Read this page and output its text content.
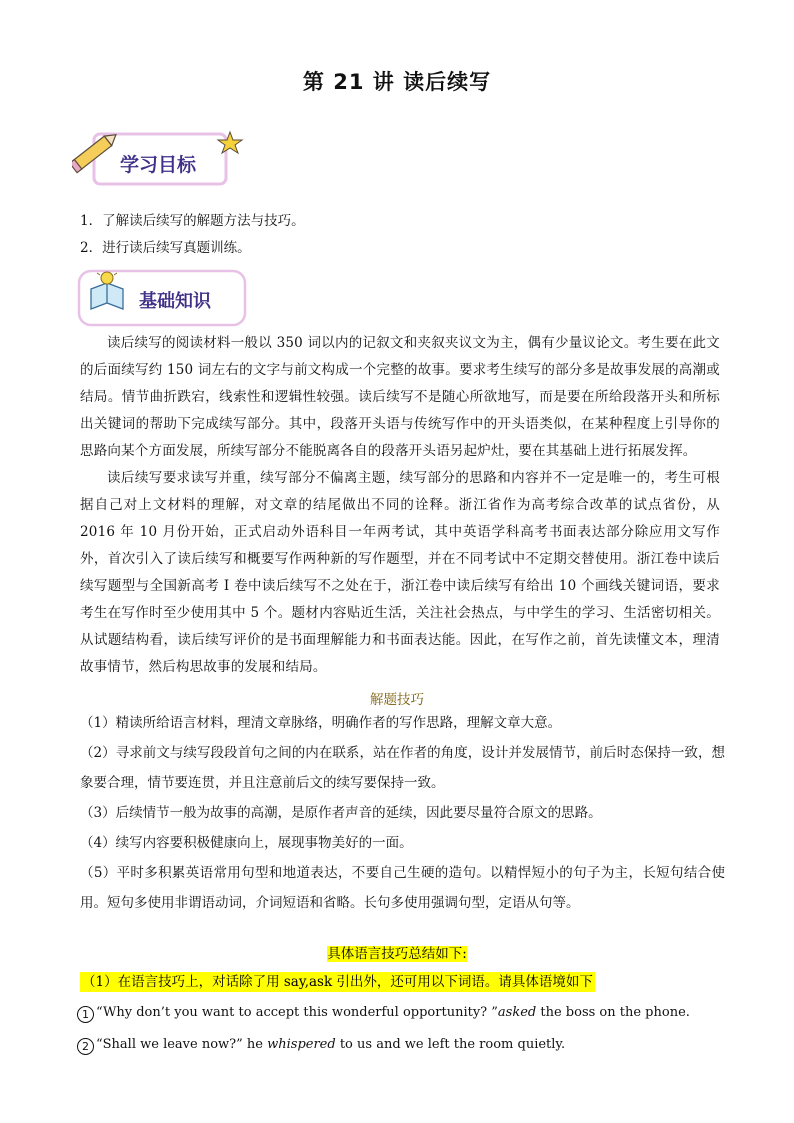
第 21 讲 读后续写
学习目标
1．了解读后续写的解题方法与技巧。
2．进行读后续写真题训练。
基础知识
读后续写的阅读材料一般以 350 词以内的记叙文和夹叙夹议文为主，偶有少量议论文。考生要在此文的后面续写约 150 词左右的文字与前文构成一个完整的故事。要求考生续写的部分多是故事发展的高潮或结局。情节曲折跌宕，线索性和逻辑性较强。读后续写不是随心所欲地写，而是要在所给段落开头和所标出关键词的帮助下完成续写部分。其中，段落开头语与传统写作中的开头语类似，在某种程度上引导你的思路向某个方面发展，所续写部分不能脱离各自的段落开头语另起炉灶，要在其基础上进行拓展发挥。
读后续写要求读写并重，续写部分不偏离主题，续写部分的思路和内容并不一定是唯一的，考生可根据自己对上文材料的理解，对文章的结尾做出不同的诠释。浙江省作为高考综合改革的试点省份，从 2016 年 10 月份开始，正式启动外语科目一年两考试，其中英语学科高考书面表达部分除应用文写作外，首次引入了读后续写和概要写作两种新的写作题型，并在不同考试中不定期交替使用。浙江卷中读后续写题型与全国新高考 I 卷中读后续写不之处在于，浙江卷中读后续写有给出 10 个画线关键词语，要求考生在写作时至少使用其中 5 个。题材内容贴近生活，关注社会热点，与中学生的学习、生活密切相关。从试题结构看，读后续写评价的是书面理解能力和书面表达能。因此，在写作之前，首先读懂文本，理清故事情节，然后构思故事的发展和结局。
解题技巧

（1）精读所给语言材料，理清文章脉络，明确作者的写作思路，理解文章大意。

（2）寻求前文与续写段段首句之间的内在联系，站在作者的角度，设计并发展情节，前后时态保持一致，想象要合理，情节要连贯，并且注意前后文的续写要保持一致。

（3）后续情节一般为故事的高潮，是原作者声音的延续，因此要尽量符合原文的思路。

（4）续写内容要积极健康向上，展现事物美好的一面。

（5）平时多积累英语常用句型和地道表达，不要自己生硬的造句。以精悍短小的句子为主，长短句结合使用。短句多使用非谓语动词，介词短语和省略。长句多使用强调句型，定语从句等。

具体语言技巧总结如下:
（1）在语言技巧上，对话除了用 say,ask 引出外，还可用以下词语。请具体语境如下
1 “Why don’t you want to accept this wonderful opportunity? ”asked the boss on the phone.
2 “Shall we leave now?” he whispered to us and we left the room quietly.
